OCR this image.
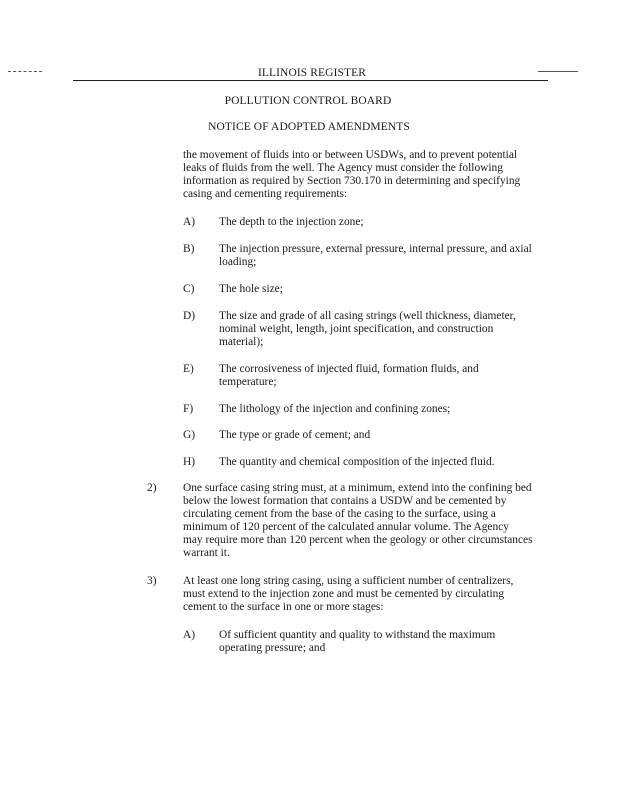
ILLINOIS REGISTER
POLLUTION CONTROL BOARD
NOTICE OF ADOPTED AMENDMENTS
the movement of fluids into or between USDWs, and to prevent potential
leaks of fluids from the well. The Agency must consider the following
information as required by Section 730.170 in determining and specifying
casing and cementing requirements:
A) The depth to the injection zone;
B) The injection pressure, external pressure, internal pressure, and axial
loading;
C) The hole size;
D) The size and grade of all casing strings (well thickness, diameter,
nominal weight, length, joint specification, and construction
material);
E) The corrosiveness of injected fluid, formation fluids, and
temperature;
F) The lithology of the injection and confining zones;
G) The type or grade of cement; and
H) The quantity and chemical composition of the injected fluid.
2) One surface casing string must, at a minimum, extend into the confining bed
below the lowest formation that contains a USDW and be cemented by
circulating cement from the base of the casing to the surface, using a
minimum of 120 percent of the calculated annular volume. The Agency
may require more than 120 percent when the geology or other circumstances
warrant it.
3) At least one long string casing, using a sufficient number of centralizers,
must extend to the injection zone and must be cemented by circulating
cement to the surface in one or more stages:
A) Of sufficient quantity and quality to withstand the maximum
operating pressure; and
